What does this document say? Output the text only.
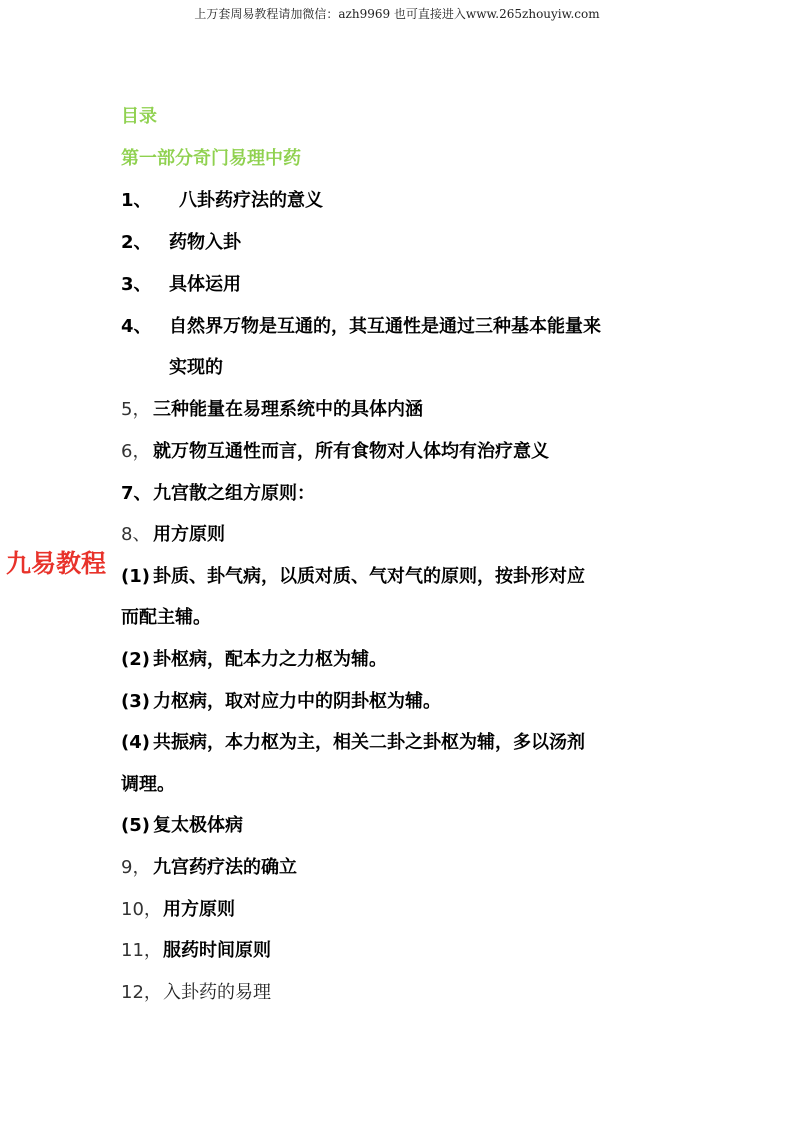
上万套周易教程请加微信：azh9969 也可直接进入www.265zhouyiw.com
九易教程
目录
第一部分奇门易理中药
1、 八卦药疗法的意义
2、 药物入卦
3、 具体运用
4、 自然界万物是互通的，其互通性是通过三种基本能量来
实现的
5， 三种能量在易理系统中的具体内涵
6， 就万物互通性而言，所有食物对人体均有治疗意义
7、九宫散之组方原则：
8、 用方原则
(1) 卦质、卦气病，以质对质、气对气的原则，按卦形对应
而配主辅。
(2) 卦枢病，配本力之力枢为辅。
(3) 力枢病，取对应力中的阴卦枢为辅。
(4) 共振病，本力枢为主，相关二卦之卦枢为辅，多以汤剂
调理。
(5) 复太极体病
9， 九宫药疗法的确立
10，用方原则
11，服药时间原则
12，入卦药的易理
